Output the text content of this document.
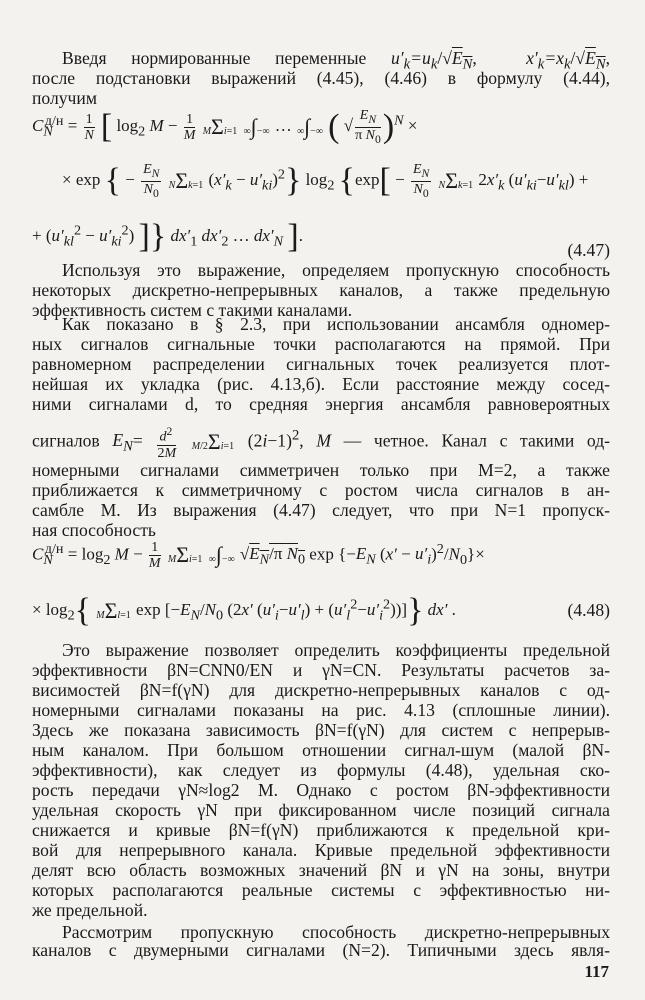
Введя нормированные переменные $u'_k=u_k/√E_N$,  $x'_k=x_k/√E_N$,
после подстановки выражений (4.45), (4.46) в формулу (4.44),
получим
$C_N^{д/н} = \frac{1}{N}$ [ $\log_2 M - \frac{1}{M} M\Sigma i=1$ ∞∫−∞ … ∞∫−∞ ( √ $\frac{E_N}{\pi N_0} )^N$ ×
× exp { − $\frac{E_N}{N_0} N\Sigma k=1$ $(x'_k - u'_{ki})^2$} $\log_2 \{\exp[ - \frac{E_N}{N_0} N\Sigma k=1$ $2x'_k$ $(u'_{ki}-u'_{kl})$ +
+ $(u'_{kl}^2 - u'_{ki}^2)$ ]} $dx'_1$ $dx'_2$ … $dx'_N$ ].
(4.47)
Используя это выражение, определяем пропускную способность
некоторых дискретно-непрерывных каналов, а также предельную
эффективность систем с такими каналами.
Как показано в § 2.3, при использовании ансамбля одномер-
ных сигналов сигнальные точки располагаются на прямой. При
равномерном распределении сигнальных точек реализуется плот-
нейшая их укладка (рис. 4.13,б). Если расстояние между сосед-
ними сигналами d, то средняя энергия ансамбля равновероятных
сигналов $E_N= \frac{d^2}{2M} M/2\Sigma i=1$ $(2i-1)^2$, M — четное. Канал с такими од-
номерными сигналами симметричен только при M=2, а также
приближается к симметричному с ростом числа сигналов в ан-
самбле M. Из выражения (4.47) следует, что при N=1 пропуск-
ная способность
$C_N^{д/н} = \log_2 M - \frac{1}{M} M\Sigma i=1$ ∞∫−∞ $√E_N/\pi$ $N_0$ $\exp \{-E_N$ $(x' - u'_i)^2/N_0\}\times$
× $\log_2${ MΣl=1 $\exp [-E_N/N_0$ (2x′ $(u'_i-u'_l) + (u'_l^2-u'_i^2)$)]} dx′ .	(4.48)
Это выражение позволяет определить коэффициенты предельной
эффективности βN=CNN0/EN и γN=CN. Результаты расчетов за-
висимостей βN=f(γN) для дискретно-непрерывных каналов с од-
номерными сигналами показаны на рис. 4.13 (сплошные линии).
Здесь же показана зависимость βN=f(γN) для систем с непрерыв-
ным каналом. При большом отношении сигнал-шум (малой βN-
эффективности), как следует из формулы (4.48), удельная ско-
рость передачи γN≈log2 M. Однако с ростом βN-эффективности
удельная скорость γN при фиксированном числе позиций сигнала
снижается и кривые βN=f(γN) приближаются к предельной кри-
вой для непрерывного канала. Кривые предельной эффективности
делят всю область возможных значений βN и γN на зоны, внутри
которых располагаются реальные системы с эффективностью ни-
же предельной.
Рассмотрим пропускную способность дискретно-непрерывных
каналов с двумерными сигналами (N=2). Типичными здесь явля-
117
